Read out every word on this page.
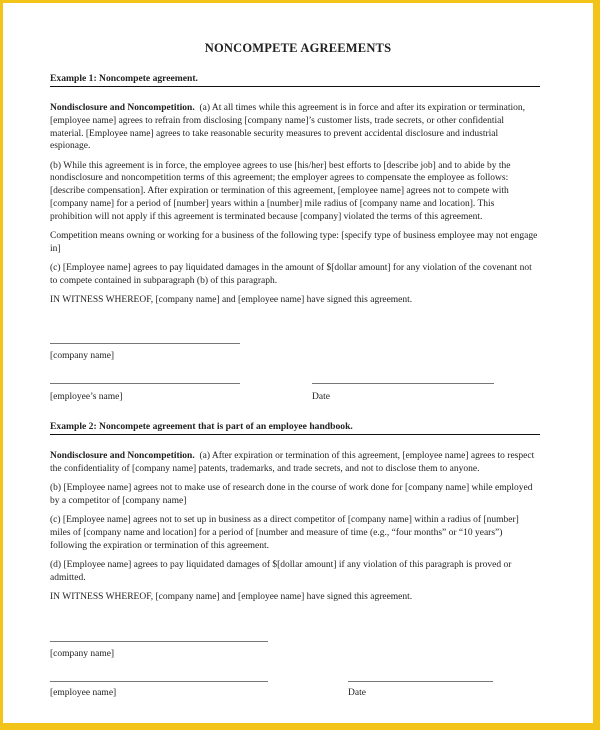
NONCOMPETE AGREEMENTS
Example 1: Noncompete agreement.

Nondisclosure and Noncompetition. (a) At all times while this agreement is in force and after its expiration or termination, [employee name] agrees to refrain from disclosing [company name]’s customer lists, trade secrets, or other confidential material. [Employee name] agrees to take reasonable security measures to prevent accidental disclosure and industrial espionage.

(b) While this agreement is in force, the employee agrees to use [his/her] best efforts to [describe job] and to abide by the nondisclosure and noncompetition terms of this agreement; the employer agrees to compensate the employee as follows: [describe compensation]. After expiration or termination of this agreement, [employee name] agrees not to compete with [company name] for a period of [number] years within a [number] mile radius of [company name and location]. This prohibition will not apply if this agreement is terminated because [company] violated the terms of this agreement.

Competition means owning or working for a business of the following type: [specify type of business employee may not engage in]

(c) [Employee name] agrees to pay liquidated damages in the amount of $[dollar amount] for any violation of the covenant not to compete contained in subparagraph (b) of this paragraph.

IN WITNESS WHEREOF, [company name] and [employee name] have signed this agreement.

[company name]
[employee’s name]	Date
Example 2: Noncompete agreement that is part of an employee handbook.

Nondisclosure and Noncompetition. (a) After expiration or termination of this agreement, [employee name] agrees to respect the confidentiality of [company name] patents, trademarks, and trade secrets, and not to disclose them to anyone.

(b) [Employee name] agrees not to make use of research done in the course of work done for [company name] while employed by a competitor of [company name]

(c) [Employee name] agrees not to set up in business as a direct competitor of [company name] within a radius of [number] miles of [company name and location] for a period of [number and measure of time (e.g., “four months” or “10 years”) following the expiration or termination of this agreement.

(d) [Employee name] agrees to pay liquidated damages of $[dollar amount] if any violation of this paragraph is proved or admitted.

IN WITNESS WHEREOF, [company name] and [employee name] have signed this agreement.

[company name]
[employee name]	Date
